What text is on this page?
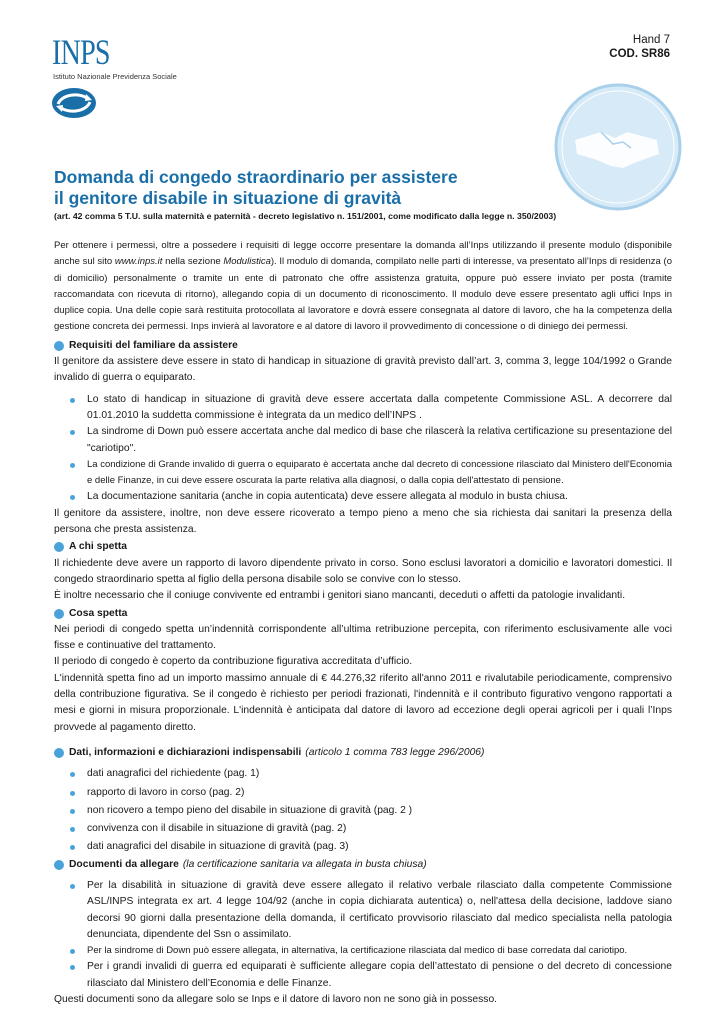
INPS
Istituto Nazionale Previdenza Sociale
Hand 7
COD. SR86
Domanda di congedo straordinario per assistere
il genitore disabile in situazione di gravità
(art. 42 comma 5 T.U. sulla maternità e paternità - decreto legislativo n. 151/2001, come modificato dalla legge n. 350/2003)

Per ottenere i permessi, oltre a possedere i requisiti di legge occorre presentare la domanda all’Inps utilizzando il presente modulo (disponibile anche sul sito www.inps.it nella sezione Modulistica). Il modulo di domanda, compilato nelle parti di interesse, va presentato all’Inps di residenza (o di domicilio) personalmente o tramite un ente di patronato che offre assistenza gratuita, oppure può essere inviato per posta (tramite raccomandata con ricevuta di ritorno), allegando copia di un documento di riconoscimento. Il modulo deve essere presentato agli uffici Inps in duplice copia. Una delle copie sarà restituita protocollata al lavoratore e dovrà essere consegnata al datore di lavoro, che ha la competenza della gestione concreta dei permessi. Inps invierà al lavoratore e al datore di lavoro il provvedimento di concessione o di diniego dei permessi.

Requisiti del familiare da assistere

Il genitore da assistere deve essere in stato di handicap in situazione di gravità previsto dall’art. 3, comma 3, legge 104/1992 o Grande invalido di guerra o equiparato.

Lo stato di handicap in situazione di gravità deve essere accertata dalla competente Commissione ASL. A decorrere dal 01.01.2010 la suddetta commissione è integrata da un medico dell’INPS .
La sindrome di Down può essere accertata anche dal medico di base che rilascerà la relativa certificazione su presentazione del "cariotipo".
La condizione di Grande invalido di guerra o equiparato è accertata anche dal decreto di concessione rilasciato dal Ministero dell'Economia e delle Finanze, in cui deve essere oscurata la parte relativa alla diagnosi, o dalla copia dell'attestato di pensione.
La documentazione sanitaria (anche in copia autenticata) deve essere allegata al modulo in busta chiusa.

Il genitore da assistere, inoltre, non deve essere ricoverato a tempo pieno a meno che sia richiesta dai sanitari la presenza della persona che presta assistenza.

A chi spetta

Il richiedente deve avere un rapporto di lavoro dipendente privato in corso. Sono esclusi lavoratori a domicilio e lavoratori domestici. Il congedo straordinario spetta al figlio della persona disabile solo se convive con lo stesso.

È inoltre necessario che il coniuge convivente ed entrambi i genitori siano mancanti, deceduti o affetti da patologie invalidanti.

Cosa spetta

Nei periodi di congedo spetta un’indennità corrispondente all’ultima retribuzione percepita, con riferimento esclusivamente alle voci fisse e continuative del trattamento.

Il periodo di congedo è coperto da contribuzione figurativa accreditata d’ufficio.

L'indennità spetta fino ad un importo massimo annuale di € 44.276,32 riferito all'anno 2011 e rivalutabile periodicamente, comprensivo della contribuzione figurativa. Se il congedo è richiesto per periodi frazionati, l'indennità e il contributo figurativo vengono rapportati a mesi e giorni in misura proporzionale. L'indennità è anticipata dal datore di lavoro ad eccezione degli operai agricoli per i quali l’Inps provvede al pagamento diretto.

Dati, informazioni e dichiarazioni indispensabili (articolo 1 comma 783 legge 296/2006)
dati anagrafici del richiedente (pag. 1)
rapporto di lavoro in corso (pag. 2)
non ricovero a tempo pieno del disabile in situazione di gravità (pag. 2 )
convivenza con il disabile in situazione di gravità (pag. 2)
dati anagrafici del disabile in situazione di gravità (pag. 3)
Documenti da allegare (la certificazione sanitaria va allegata in busta chiusa)
Per la disabilità in situazione di gravità deve essere allegato il relativo verbale rilasciato dalla competente Commissione ASL/INPS integrata ex art. 4 legge 104/92 (anche in copia dichiarata autentica) o, nell'attesa della decisione, laddove siano decorsi 90 giorni dalla presentazione della domanda, il certificato provvisorio rilasciato dal medico specialista nella patologia denunciata, dipendente del Ssn o assimilato.
Per la sindrome di Down può essere allegata, in alternativa, la certificazione rilasciata dal medico di base corredata dal cariotipo.
Per i grandi invalidi di guerra ed equiparati è sufficiente allegare copia dell’attestato di pensione o del decreto di concessione rilasciato dal Ministero dell’Economia e delle Finanze.

Questi documenti sono da allegare solo se Inps e il datore di lavoro non ne sono già in possesso.
